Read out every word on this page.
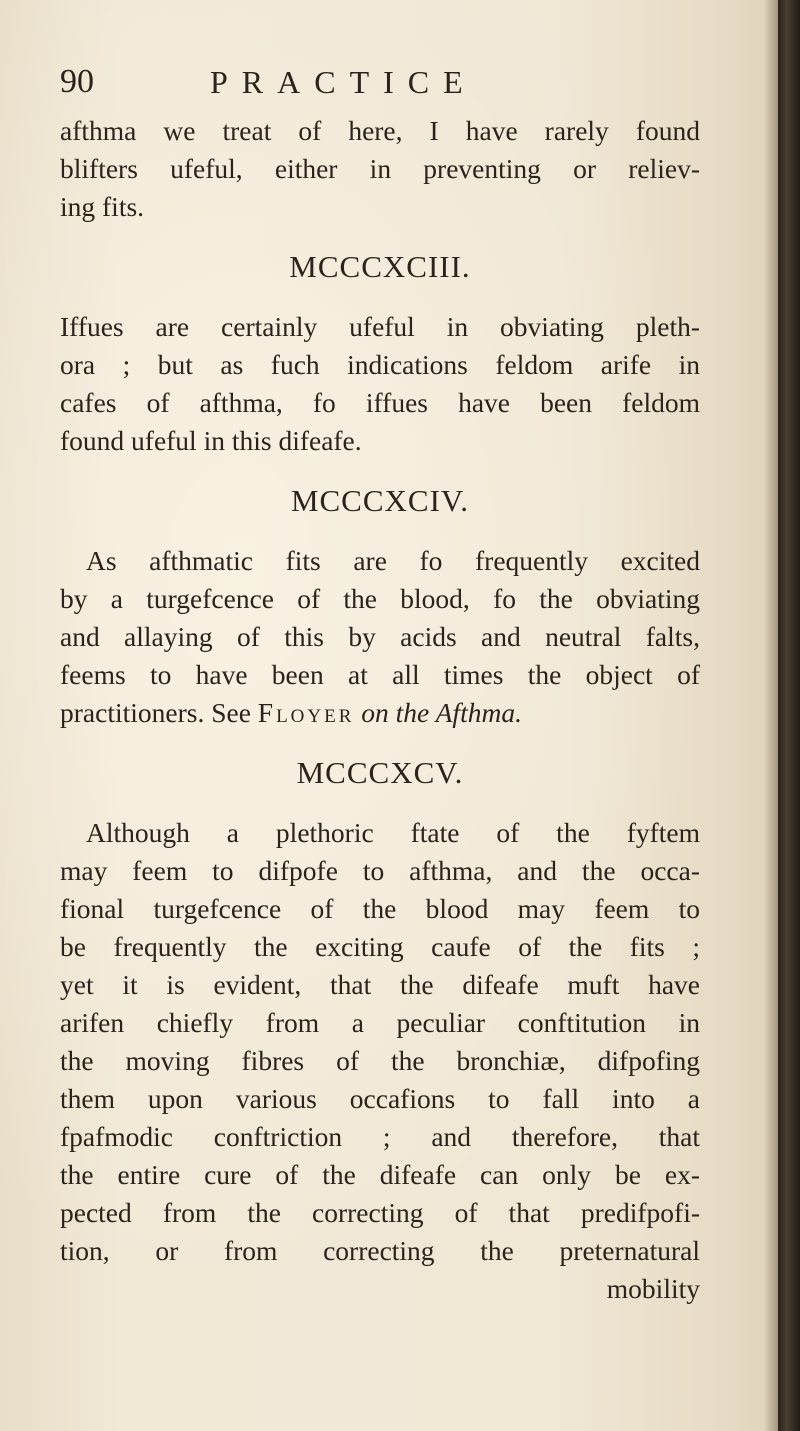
90	PRACTICE
afthma we treat of here, I have rarely found
blifters ufeful, either in preventing or reliev-
ing fits.
MCCCXCIII.
Iffues are certainly ufeful in obviating pleth-
ora ; but as fuch indications feldom arife in
cafes of afthma, fo iffues have been feldom
found ufeful in this difeafe.
MCCCXCIV.
As afthmatic fits are fo frequently excited
by a turgefcence of the blood, fo the obviating
and allaying of this by acids and neutral falts,
feems to have been at all times the object of
practitioners. See Floyer on the Afthma.
MCCCXCV.
Although a plethoric ftate of the fyftem
may feem to difpofe to afthma, and the occa-
fional turgefcence of the blood may feem to
be frequently the exciting caufe of the fits ;
yet it is evident, that the difeafe muft have
arifen chiefly from a peculiar conftitution in
the moving fibres of the bronchiæ, difpofing
them upon various occafions to fall into a
fpafmodic conftriction ; and therefore, that
the entire cure of the difeafe can only be ex-
pected from the correcting of that predifpofi-
tion, or from correcting the preternatural
mobility
